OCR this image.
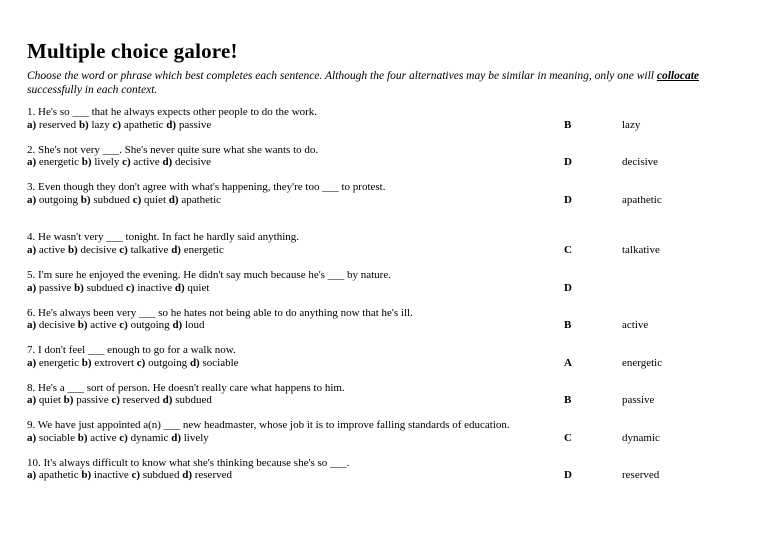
Multiple choice galore!

Choose the word or phrase which best completes each sentence. Although the four alternatives may be similar in meaning, only one will collocate successfully in each context.

1. He's so ___ that he always expects other people to do the work.
a) reserved b) lazy c) apathetic d) passive	B	lazy
2. She's not very ___. She's never quite sure what she wants to do.
a) energetic b) lively c) active d) decisive	D	decisive
3. Even though they don't agree with what's happening, they're too ___ to protest.
a) outgoing b) subdued c) quiet d) apathetic	D	apathetic
4. He wasn't very ___ tonight. In fact he hardly said anything.
a) active b) decisive c) talkative d) energetic	C	talkative
5. I'm sure he enjoyed the evening. He didn't say much because he's ___ by nature.
a) passive b) subdued c) inactive d) quiet	D
6. He's always been very ___ so he hates not being able to do anything now that he's ill.
a) decisive b) active c) outgoing d) loud	B	active
7. I don't feel ___ enough to go for a walk now.
a) energetic b) extrovert c) outgoing d) sociable	A	energetic
8. He's a ___ sort of person. He doesn't really care what happens to him.
a) quiet b) passive c) reserved d) subdued	B	passive
9. We have just appointed a(n) ___ new headmaster, whose job it is to improve falling standards of education.
a) sociable b) active c) dynamic d) lively	C	dynamic
10. It's always difficult to know what she's thinking because she's so ___.
a) apathetic b) inactive c) subdued d) reserved	D	reserved
